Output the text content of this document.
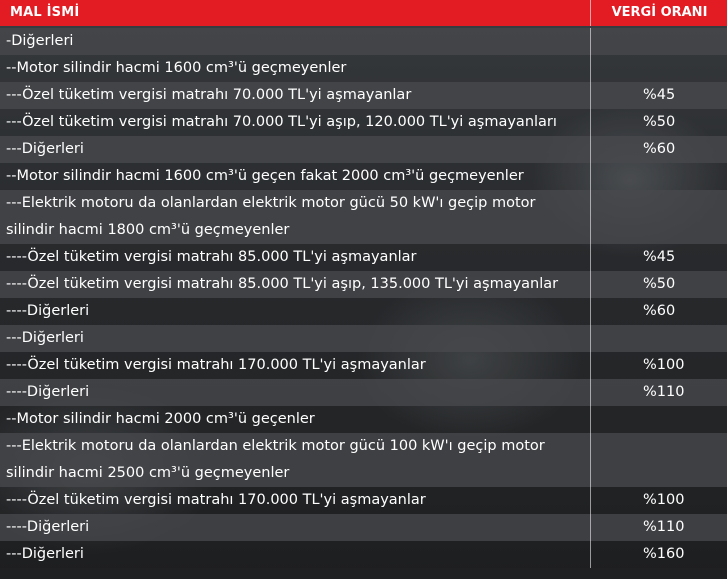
MAL İSMİ	VERGİ ORANI
-Diğerleri
--Motor silindir hacmi 1600 cm³'ü geçmeyenler
---Özel tüketim vergisi matrahı 70.000 TL'yi aşmayanlar	%45
---Özel tüketim vergisi matrahı 70.000 TL'yi aşıp, 120.000 TL'yi aşmayanları	%50
---Diğerleri	%60
--Motor silindir hacmi 1600 cm³'ü geçen fakat 2000 cm³'ü geçmeyenler
---Elektrik motoru da olanlardan elektrik motor gücü 50 kW'ı geçip motor
silindir hacmi 1800 cm³'ü geçmeyenler
----Özel tüketim vergisi matrahı 85.000 TL'yi aşmayanlar	%45
----Özel tüketim vergisi matrahı 85.000 TL'yi aşıp, 135.000 TL'yi aşmayanlar	%50
----Diğerleri	%60
---Diğerleri
----Özel tüketim vergisi matrahı 170.000 TL'yi aşmayanlar	%100
----Diğerleri	%110
--Motor silindir hacmi 2000 cm³'ü geçenler
---Elektrik motoru da olanlardan elektrik motor gücü 100 kW'ı geçip motor
silindir hacmi 2500 cm³'ü geçmeyenler
----Özel tüketim vergisi matrahı 170.000 TL'yi aşmayanlar	%100
----Diğerleri	%110
---Diğerleri	%160
